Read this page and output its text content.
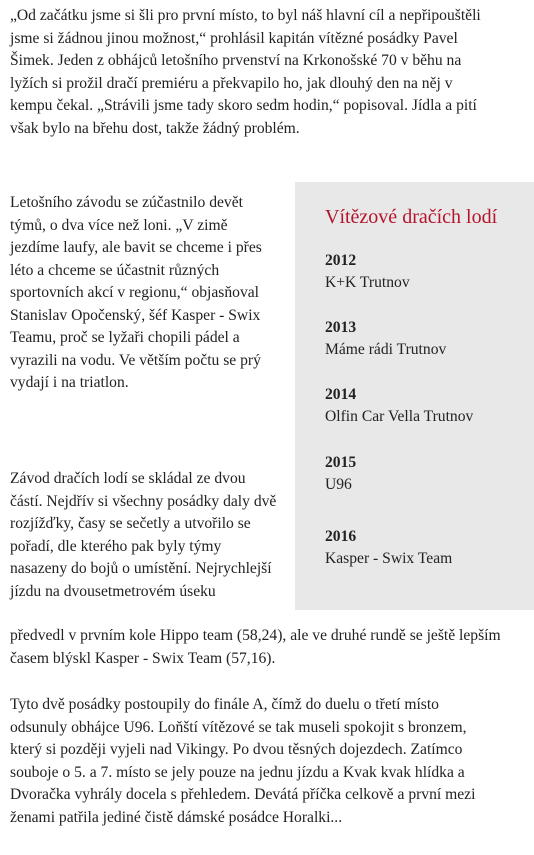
„Od začátku jsme si šli pro první místo, to byl náš hlavní cíl a nepřipouštěli jsme si žádnou jinou možnost,“ prohlásil kapitán vítězné posádky Pavel Šimek. Jeden z obhájců letošního prvenství na Krkonošské 70 v běhu na lyžích si prožil dračí premiéru a překvapilo ho, jak dlouhý den na něj v kempu čekal. „Strávili jsme tady skoro sedm hodin,“ popisoval. Jídla a pití však bylo na břehu dost, takže žádný problém.

Letošního závodu se zúčastnilo devět týmů, o dva více než loni. „V zimě jezdíme laufy, ale bavit se chceme i přes léto a chceme se účastnit různých sportovních akcí v regionu,“ objasňoval Stanislav Opočenský, šéf Kasper - Swix Teamu, proč se lyžaři chopili pádel a vyrazili na vodu. Ve větším počtu se prý vydají i na triatlon.

Závod dračích lodí se skládal ze dvou částí. Nejdřív si všechny posádky daly dvě rozjížďky, časy se sečetly a utvořilo se pořadí, dle kterého pak byly týmy nasazeny do bojů o umístění. Nejrychlejší jízdu na dvousetmetrovém úseku

předvedl v prvním kole Hippo team (58,24), ale ve druhé rundě se ještě lepším časem blýskl Kasper - Swix Team (57,16).

Tyto dvě posádky postoupily do finále A, čímž do duelu o třetí místo odsunuly obhájce U96. Loňští vítězové se tak museli spokojit s bronzem, který si později vyjeli nad Vikingy. Po dvou těsných dojezdech. Zatímco souboje o 5. a 7. místo se jely pouze na jednu jízdu a Kvak kvak hlídka a Dvoračka vyhrály docela s přehledem. Devátá příčka celkově a první mezi ženami patřila jediné čistě dámské posádce Horalki...

Vítězové dračích lodí
2012
K+K Trutnov
2013
Máme rádi Trutnov
2014
Olfin Car Vella Trutnov
2015
U96
2016
Kasper - Swix Team
